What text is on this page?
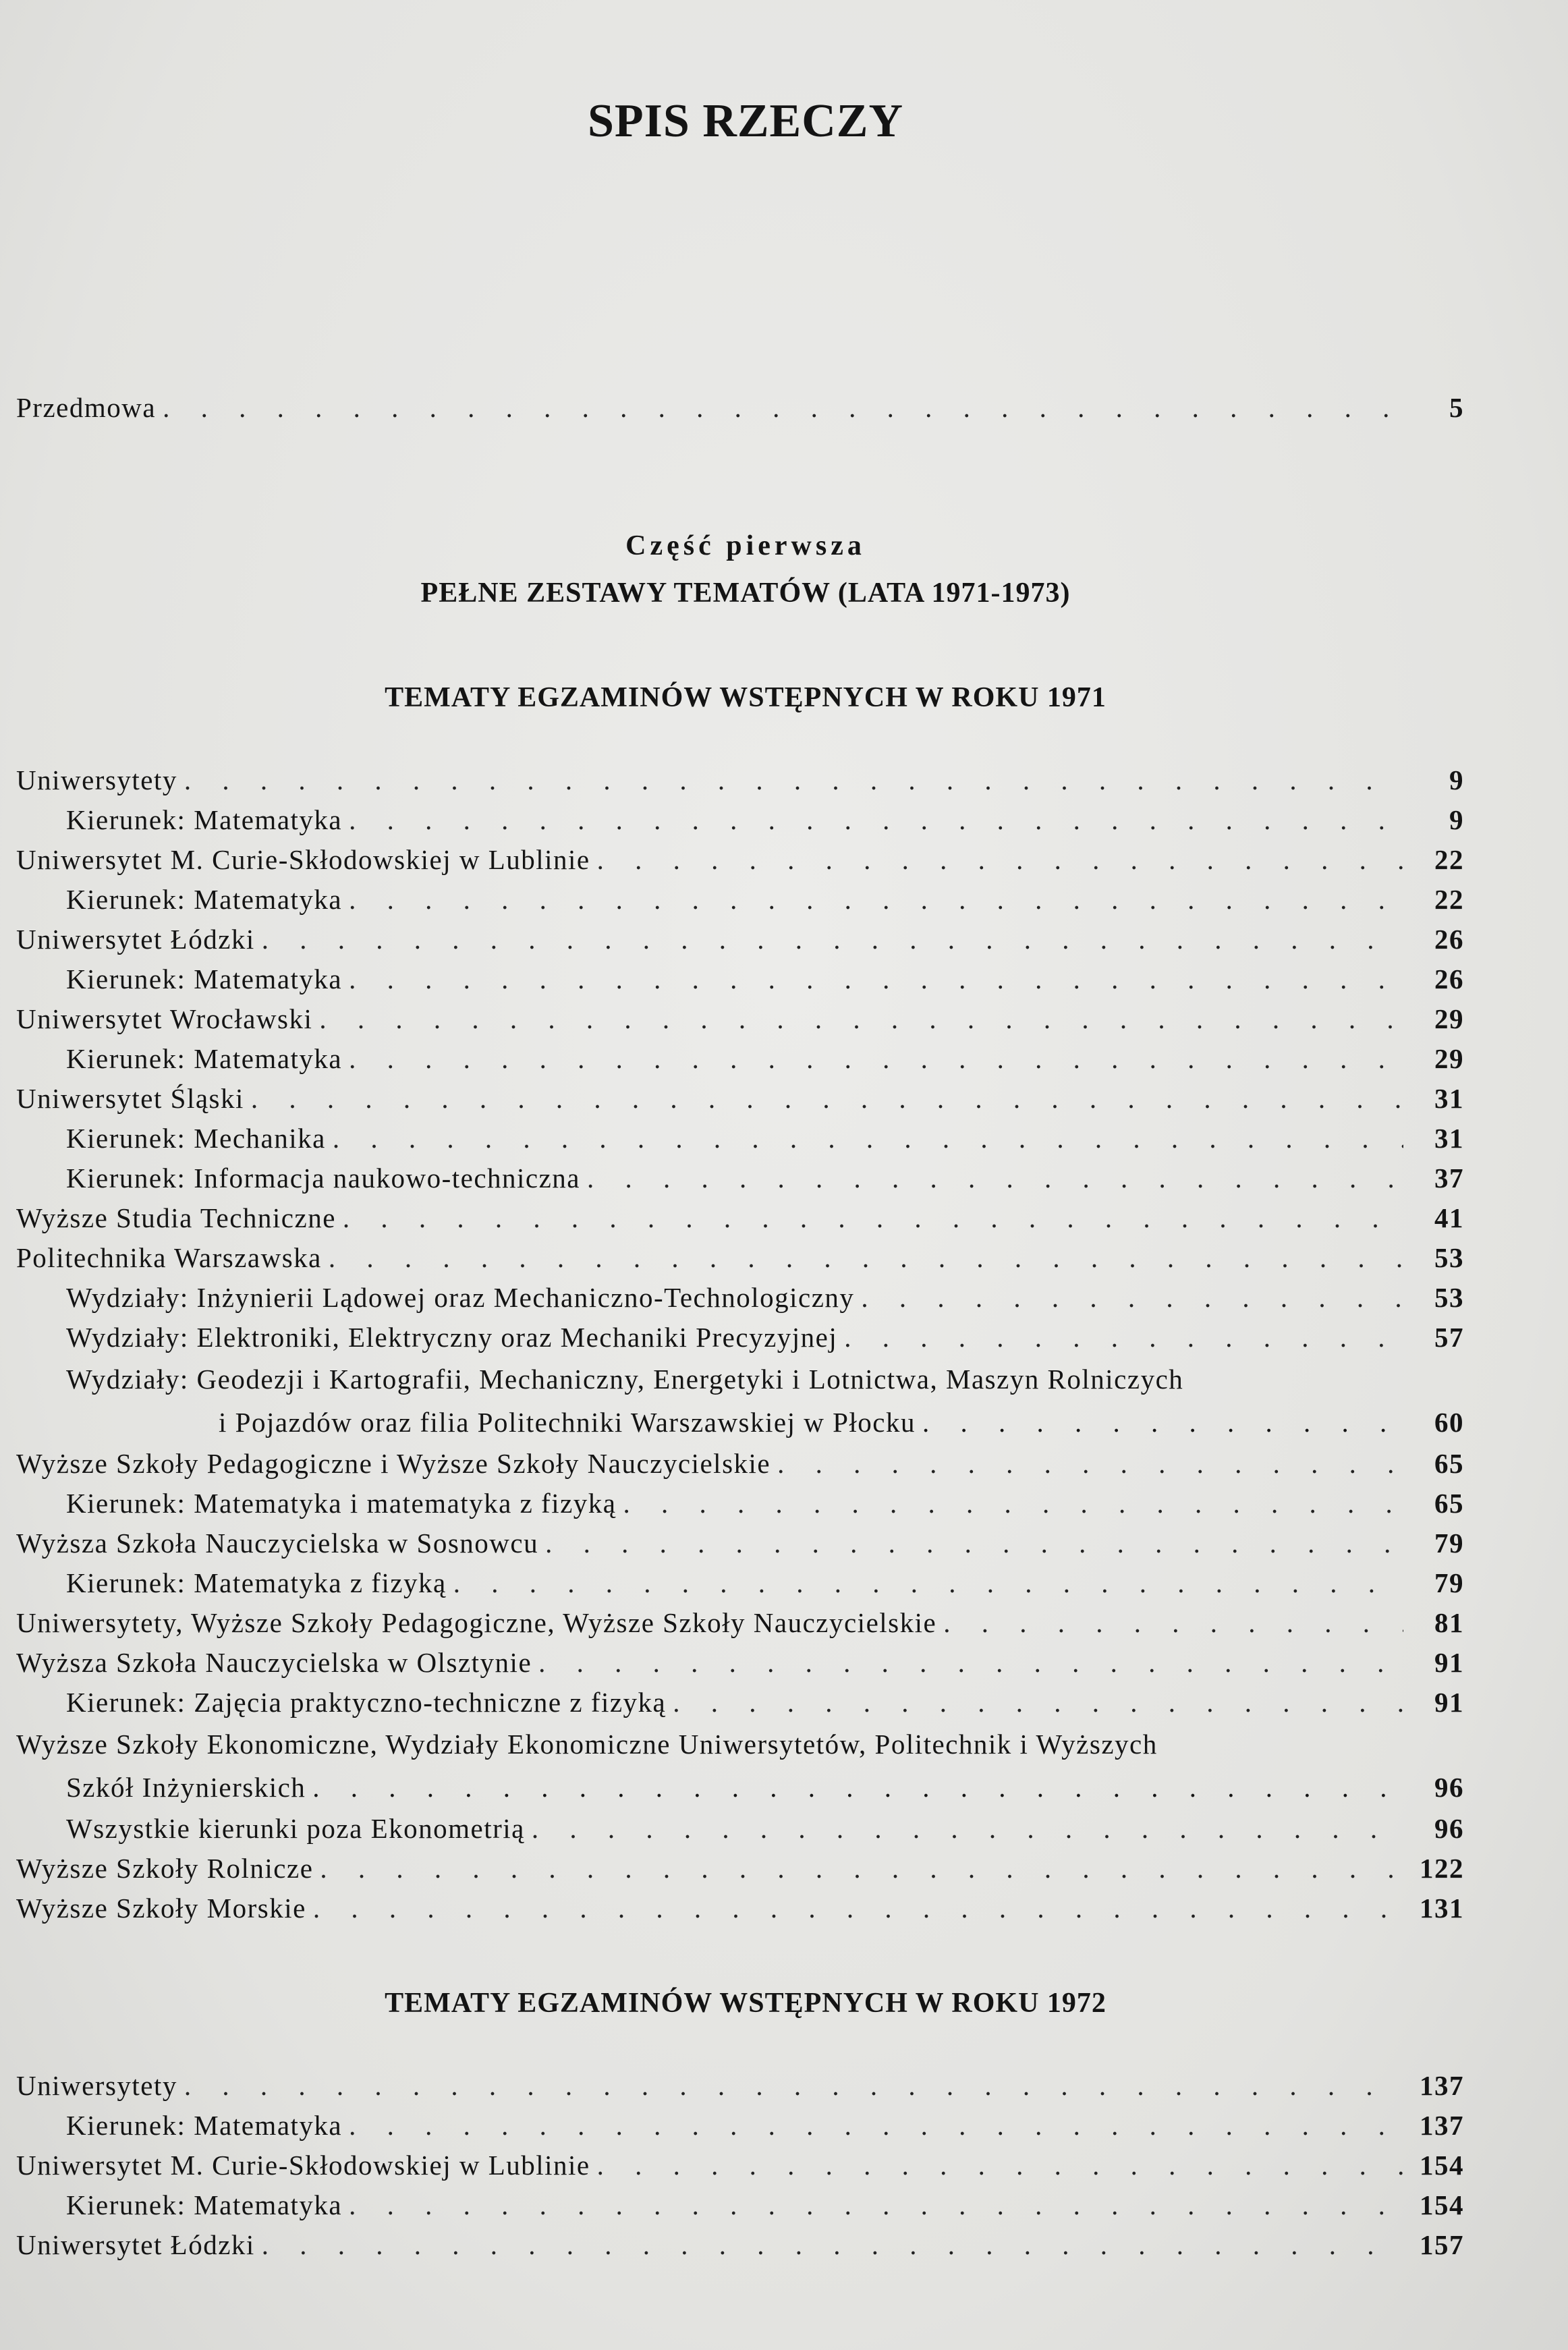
SPIS RZECZY
Przedmowa . . .	5
Część pierwsza
PEŁNE ZESTAWY TEMATÓW (LATA 1971-1973)
TEMATY EGZAMINÓW WSTĘPNYCH W ROKU 1971
Uniwersytety . . .	9
Kierunek: Matematyka . . .	9
Uniwersytet M. Curie-Skłodowskiej w Lublinie . . .	22
Kierunek: Matematyka . . .	22
Uniwersytet Łódzki . . .	26
Kierunek: Matematyka . . .	26
Uniwersytet Wrocławski . . .	29
Kierunek: Matematyka . . .	29
Uniwersytet Śląski . . .	31
Kierunek: Mechanika . . .	31
Kierunek: Informacja naukowo-techniczna . . .	37
Wyższe Studia Techniczne . . .	41
Politechnika Warszawska . . .	53
Wydziały: Inżynierii Lądowej oraz Mechaniczno-Technologiczny . . .	53
Wydziały: Elektroniki, Elektryczny oraz Mechaniki Precyzyjnej . . .	57
Wydziały: Geodezji i Kartografii, Mechaniczny, Energetyki i Lotnictwa, Maszyn Rolniczych
i Pojazdów oraz filia Politechniki Warszawskiej w Płocku . . .	60
Wyższe Szkoły Pedagogiczne i Wyższe Szkoły Nauczycielskie . . .	65
Kierunek: Matematyka i matematyka z fizyką . . .	65
Wyższa Szkoła Nauczycielska w Sosnowcu . . .	79
Kierunek: Matematyka z fizyką . . .	79
Uniwersytety, Wyższe Szkoły Pedagogiczne, Wyższe Szkoły Nauczycielskie . . .	81
Wyższa Szkoła Nauczycielska w Olsztynie . . .	91
Kierunek: Zajęcia praktyczno-techniczne z fizyką . . .	91
Wyższe Szkoły Ekonomiczne, Wydziały Ekonomiczne Uniwersytetów, Politechnik i Wyższych
Szkół Inżynierskich . . .	96
Wszystkie kierunki poza Ekonometrią . . .	96
Wyższe Szkoły Rolnicze . . .	122
Wyższe Szkoły Morskie . . .	131
TEMATY EGZAMINÓW WSTĘPNYCH W ROKU 1972
Uniwersytety . . .	137
Kierunek: Matematyka . . .	137
Uniwersytet M. Curie-Skłodowskiej w Lublinie . . .	154
Kierunek: Matematyka . . .	154
Uniwersytet Łódzki . . .	157
